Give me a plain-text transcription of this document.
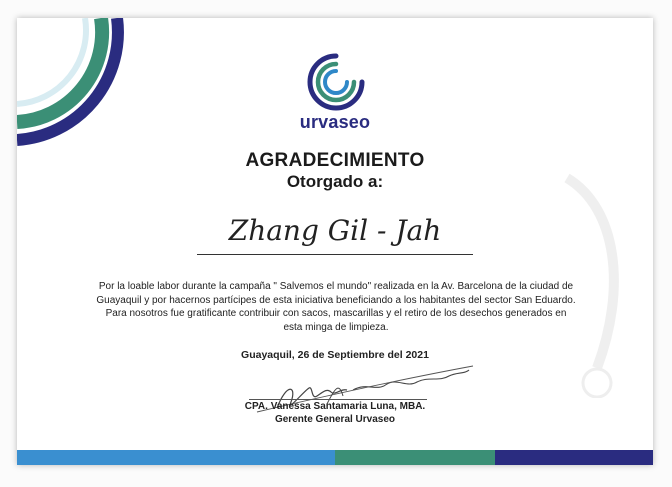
urvaseo
AGRADECIMIENTO
Otorgado a:
Zhang Gil - Jah
Por la loable labor durante la campaña " Salvemos el mundo" realizada en la Av. Barcelona de la ciudad de Guayaquil y por hacernos partícipes de esta iniciativa beneficiando a los habitantes del sector San Eduardo. Para nosotros fue gratificante contribuir con sacos, mascarillas y el retiro de los desechos generados en esta minga de limpieza.
Guayaquil, 26 de Septiembre del 2021
CPA. Vanessa Santamaria Luna, MBA.
Gerente General Urvaseo
